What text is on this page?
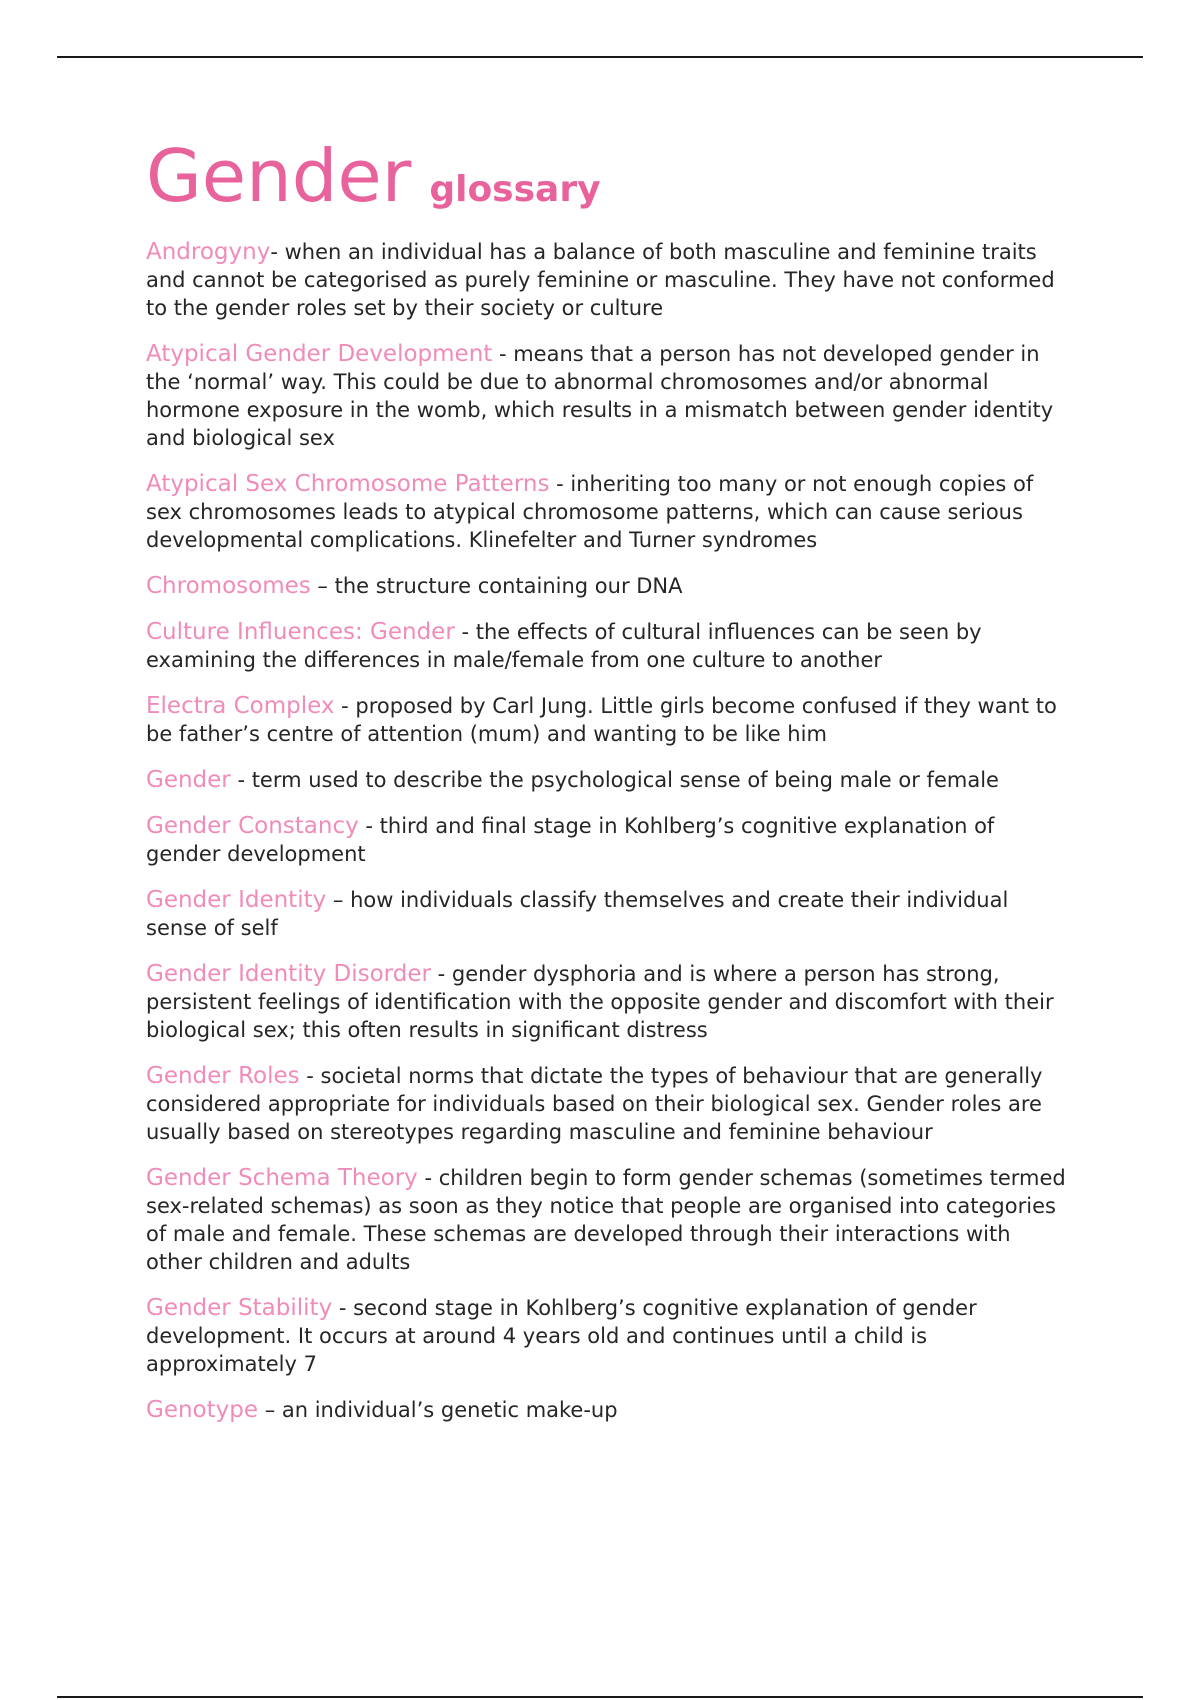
Gender glossary
Androgyny- when an individual has a balance of both masculine and feminine traits and cannot be categorised as purely feminine or masculine. They have not conformed to the gender roles set by their society or culture
Atypical Gender Development - means that a person has not developed gender in the ‘normal’ way. This could be due to abnormal chromosomes and/or abnormal hormone exposure in the womb, which results in a mismatch between gender identity and biological sex
Atypical Sex Chromosome Patterns - inheriting too many or not enough copies of sex chromosomes leads to atypical chromosome patterns, which can cause serious developmental complications. Klinefelter and Turner syndromes
Chromosomes – the structure containing our DNA
Culture Influences: Gender - the effects of cultural influences can be seen by examining the differences in male/female from one culture to another
Electra Complex - proposed by Carl Jung. Little girls become confused if they want to be father’s centre of attention (mum) and wanting to be like him
Gender - term used to describe the psychological sense of being male or female
Gender Constancy - third and final stage in Kohlberg’s cognitive explanation of gender development
Gender Identity – how individuals classify themselves and create their individual sense of self
Gender Identity Disorder - gender dysphoria and is where a person has strong, persistent feelings of identification with the opposite gender and discomfort with their biological sex; this often results in significant distress
Gender Roles - societal norms that dictate the types of behaviour that are generally considered appropriate for individuals based on their biological sex. Gender roles are usually based on stereotypes regarding masculine and feminine behaviour
Gender Schema Theory - children begin to form gender schemas (sometimes termed sex-related schemas) as soon as they notice that people are organised into categories of male and female. These schemas are developed through their interactions with other children and adults
Gender Stability - second stage in Kohlberg’s cognitive explanation of gender development. It occurs at around 4 years old and continues until a child is approximately 7
Genotype – an individual’s genetic make-up
